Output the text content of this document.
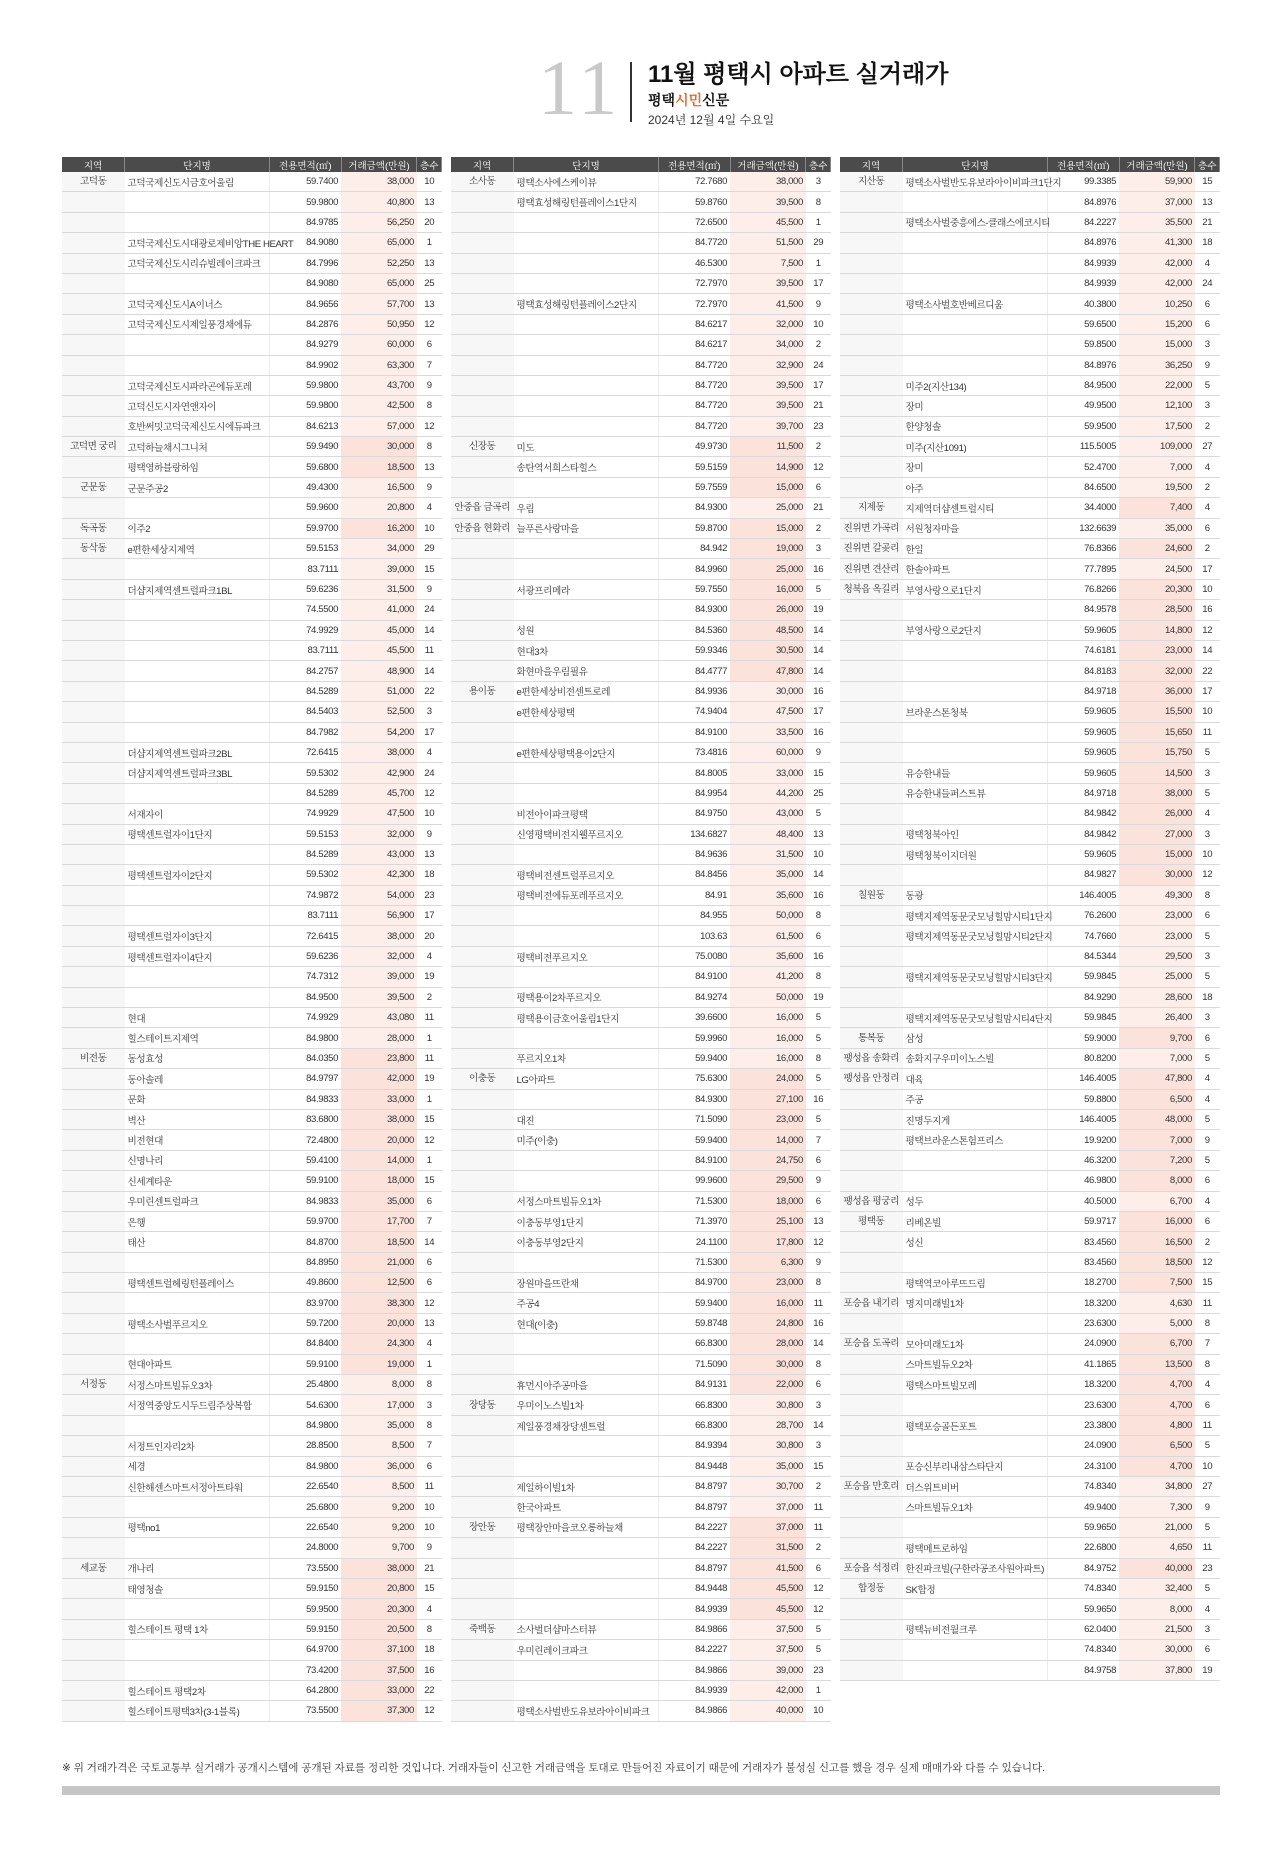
11 11월 평택시 아파트 실거래가
평택시민신문
2024년 12월 4일 수요일
지역	단지명	전용면적(㎡)	거래금액(만원)	층수
고덕동	고덕국제신도시금호어울림	59.7400	38,000	10
		59.9800	40,800	13
		84.9785	56,250	20
	고덕국제신도시대광로제비앙THE HEART	84.9080	65,000	1
	고덕국제신도시리슈빌레이크파크	84.7996	52,250	13
		84.9080	65,000	25
	고덕국제신도시A이너스	84.9656	57,700	13
	고덕국제신도시제일풍경채에듀	84.2876	50,950	12
		84.9279	60,000	6
		84.9902	63,300	7
	고덕국제신도시파라곤에듀포레	59.9800	43,700	9
	고덕신도시자연앤자이	59.9800	42,500	8
	호반써밋고덕국제신도시에듀파크	84.6213	57,000	12
고덕면 궁리	고덕하늘채시그니처	59.9490	30,000	8
	평택영하블랑하임	59.6800	18,500	13
군문동	군문주공2	49.4300	16,500	9
		59.9600	20,800	4
독곡동	이주2	59.9700	16,200	10
동삭동	e편한세상지제역	59.5153	34,000	29
		83.7111	39,000	15
	더샵지제역센트럴파크1BL	59.6236	31,500	9
		74.5500	41,000	24
		74.9929	45,000	14
		83.7111	45,500	11
		84.2757	48,900	14
		84.5289	51,000	22
		84.5403	52,500	3
		84.7982	54,200	17
	더샵지제역센트럴파크2BL	72.6415	38,000	4
	더샵지제역센트럴파크3BL	59.5302	42,900	24
		84.5289	45,700	12
	서재자이	74.9929	47,500	10
	평택센트럴자이1단지	59.5153	32,000	9
		84.5289	43,000	13
	평택센트럴자이2단지	59.5302	42,300	18
		74.9872	54,000	23
		83.7111	56,900	17
	평택센트럴자이3단지	72.6415	38,000	20
	평택센트럴자이4단지	59.6236	32,000	4
		74.7312	39,000	19
		84.9500	39,500	2
	현대	74.9929	43,080	11
	힐스테이트지제역	84.9800	28,000	1
비전동	동성효성	84.0350	23,800	11
	동아솔레	84.9797	42,000	19
	문화	84.9833	33,000	1
	벽산	83.6800	38,000	15
	비전현대	72.4800	20,000	12
	신명나리	59.4100	14,000	1
	신세계타운	59.9100	18,000	15
	우미린센트럴파크	84.9833	35,000	6
	은행	59.9700	17,700	7
	태산	84.8700	18,500	14
		84.8950	21,000	6
	평택센트럴헤링턴플레이스	49.8600	12,500	6
		83.9700	38,300	12
	평택소사벌푸르지오	59.7200	20,000	13
		84.8400	24,300	4
	현대아파트	59.9100	19,000	1
서정동	서정스마트빌듀오3차	25.4800	8,000	8
	서정역중앙도시두드림주상복합	54.6300	17,000	3
		84.9800	35,000	8
	서정트인자리2차	28.8500	8,500	7
	세경	84.9800	36,000	6
	신한해센스마트서정아트타워	22.6540	8,500	11
		25.6800	9,200	10
	평택no1	22.6540	9,200	10
		24.8000	9,700	9
세교동	개나리	73.5500	38,000	21
	태영청솔	59.9150	20,800	15
		59.9500	20,300	4
	힐스테이트 평택 1차	59.9150	20,500	8
		64.9700	37,100	18
		73.4200	37,500	16
	힐스테이트 평택2차	64.2800	33,000	22
	힐스테이트평택3차(3-1블록)	73.5500	37,300	12
지역	단지명	전용면적(㎡)	거래금액(만원)	층수
소사동	평택소사에스케이뷰	72.7680	38,000	3
	평택효성해링턴플레이스1단지	59.8760	39,500	8
		72.6500	45,500	1
		84.7720	51,500	29
		46.5300	7,500	1
		72.7970	39,500	17
	평택효성해링턴플레이스2단지	72.7970	41,500	9
		84.6217	32,000	10
		84.6217	34,000	2
		84.7720	32,900	24
		84.7720	39,500	17
		84.7720	39,500	21
		84.7720	39,700	23
신장동	미도	49.9730	11,500	2
	송탄역서희스타힐스	59.5159	14,900	12
		59.7559	15,000	6
안중읍 금곡리	우림	84.9300	25,000	21
안중읍 현화리	늘푸른사랑마을	59.8700	15,000	2
		84.942	19,000	3
		84.9960	25,000	16
	서광프리메라	59.7550	16,000	5
		84.9300	26,000	19
	성원	84.5360	48,500	14
	현대3차	59.9346	30,500	14
	화현마을우림필유	84.4777	47,800	14
용이동	e편한세상비전센트로레	84.9936	30,000	16
	e편한세상평택	74.9404	47,500	17
		84.9100	33,500	16
	e편한세상평택용이2단지	73.4816	60,000	9
		84.8005	33,000	15
		84.9954	44,200	25
	비전아이파크평택	84.9750	43,000	5
	신영평택비전지웰푸르지오	134.6827	48,400	13
		84.9636	31,500	10
	평택비전센트럴푸르지오	84.8456	35,000	14
	평택비전에듀포레푸르지오	84.91	35,600	16
		84.955	50,000	8
		103.63	61,500	6
	평택비전푸르지오	75.0080	35,600	16
		84.9100	41,200	8
	평택용이2차푸르지오	84.9274	50,000	19
	평택용이금호어울림1단지	39.6600	16,000	5
		59.9960	16,000	5
	푸르지오1차	59.9400	16,000	8
이충동	LG아파트	75.6300	24,000	5
		84.9300	27,100	16
	대진	71.5090	23,000	5
	미주(이충)	59.9400	14,000	7
		84.9100	24,750	6
		99.9600	29,500	9
	서정스마트빌듀오1차	71.5300	18,000	6
	이충동부영1단지	71.3970	25,100	13
	이충동부영2단지	24.1100	17,800	12
		71.5300	6,300	9
	장원마을뜨란채	84.9700	23,000	8
	주공4	59.9400	16,000	11
	현대(이충)	59.8748	24,800	16
		66.8300	28,000	14
		71.5090	30,000	8
	휴먼시아주공마을	84.9131	22,000	6
장당동	우미이노스빌1차	66.8300	30,800	3
	제일풍경채장당센트럴	66.8300	28,700	14
		84.9394	30,800	3
		84.9448	35,000	15
	제일하이빌1차	84.8797	30,700	2
	한국아파트	84.8797	37,000	11
장안동	평택장안마을코오롱하늘채	84.2227	37,000	11
		84.2227	31,500	2
		84.8797	41,500	6
		84.9448	45,500	12
		84.9939	45,500	12
죽백동	소사벌더샵마스터뷰	84.9866	37,500	5
	우미린레이크파크	84.2227	37,500	5
		84.9866	39,000	23
		84.9939	42,000	1
	평택소사벌반도유보라아이비파크	84.9866	40,000	10
지역	단지명	전용면적(㎡)	거래금액(만원)	층수
지산동	평택소사벌반도유보라아이비파크1단지	99.3385	59,900	15
		84.8976	37,000	13
	평택소사벌중흥에스-클래스에코시티	84.2227	35,500	21
		84.8976	41,300	18
		84.9939	42,000	4
		84.9939	42,000	24
	평택소사벌호반베르디움	40.3800	10,250	6
		59.6500	15,200	6
		59.8500	15,000	3
		84.8976	36,250	9
	미주2(지산134)	84.9500	22,000	5
	장미	49.9500	12,100	3
	한양청솔	59.9500	17,500	2
	미주(지산1091)	115.5005	109,000	27
	장미	52.4700	7,000	4
	아주	84.6500	19,500	2
지제동	지제역더샵센트럴시티	34.4000	7,400	4
진위면 가곡리	서원청자마을	132.6639	35,000	6
진위면 갈곶리	한일	76.8366	24,600	2
진위면 견산리	한솔아파트	77.7895	24,500	17
청북읍 옥길리	부영사랑으로1단지	76.8266	20,300	10
		84.9578	28,500	16
	부영사랑으로2단지	59.9605	14,800	12
		74.6181	23,000	14
		84.8183	32,000	22
		84.9718	36,000	17
	브라운스톤청북	59.9605	15,500	10
		59.9605	15,650	11
		59.9605	15,750	5
	유승한내들	59.9605	14,500	3
	유승한내들퍼스트뷰	84.9718	38,000	5
		84.9842	26,000	4
	평택청북아인	84.9842	27,000	3
	평택청북이지더원	59.9605	15,000	10
		84.9827	30,000	12
칠원동	동광	146.4005	49,300	8
	평택지제역동문굿모닝힐맘시티1단지	76.2600	23,000	6
	평택지제역동문굿모닝힐맘시티2단지	74.7660	23,000	5
		84.5344	29,500	3
	평택지제역동문굿모닝힐맘시티3단지	59.9845	25,000	5
		84.9290	28,600	18
	평택지제역동문굿모닝힐맘시티4단지	59.9845	26,400	3
통복동	삼성	59.9000	9,700	6
팽성읍 송화리	송화지구우미이노스빌	80.8200	7,000	5
팽성읍 안정리	대육	146.4005	47,800	4
	주공	59.8800	6,500	4
	진명두지게	146.4005	48,000	5
	평택브라운스톤험프리스	19.9200	7,000	9
		46.3200	7,200	5
		46.9800	8,000	6
팽성읍 평궁리	성두	40.5000	6,700	4
평택동	리베온빌	59.9717	16,000	6
	성신	83.4560	16,500	2
		83.4560	18,500	12
	평택역코아루뜨드림	18.2700	7,500	15
포승읍 내기리	명지미래빌1차	18.3200	4,630	11
		23.6300	5,000	8
포승읍 도곡리	모아미래도1차	24.0900	6,700	7
	스마트빌듀오2차	41.1865	13,500	8
	평택스마트빌모레	18.3200	4,700	4
		23.6300	4,700	6
	평택포승골든포트	23.3800	4,800	11
		24.0900	6,500	5
	포승신부리내삼스타단지	24.3100	4,700	10
포승읍 만호리	더스위트비버	74.8340	34,800	27
	스마트빌듀오1차	49.9400	7,300	9
		59.9650	21,000	5
	평택메트로하임	22.6800	4,650	11
포승읍 석정리	한진파크빌(구한라공조사원아파트)	84.9752	40,000	23
합정동	SK합정	74.8340	32,400	5
		59.9650	8,000	4
	평택뉴비전월크루	62.0400	21,500	3
		74.8340	30,000	6
		84.9758	37,800	19
※ 위 거래가격은 국토교통부 실거래가 공개시스템에 공개된 자료를 정리한 것입니다. 거래자들이 신고한 거래금액을 토대로 만들어진 자료이기 때문에 거래자가 불성실 신고를 했을 경우 실제 매매가와 다를 수 있습니다.
